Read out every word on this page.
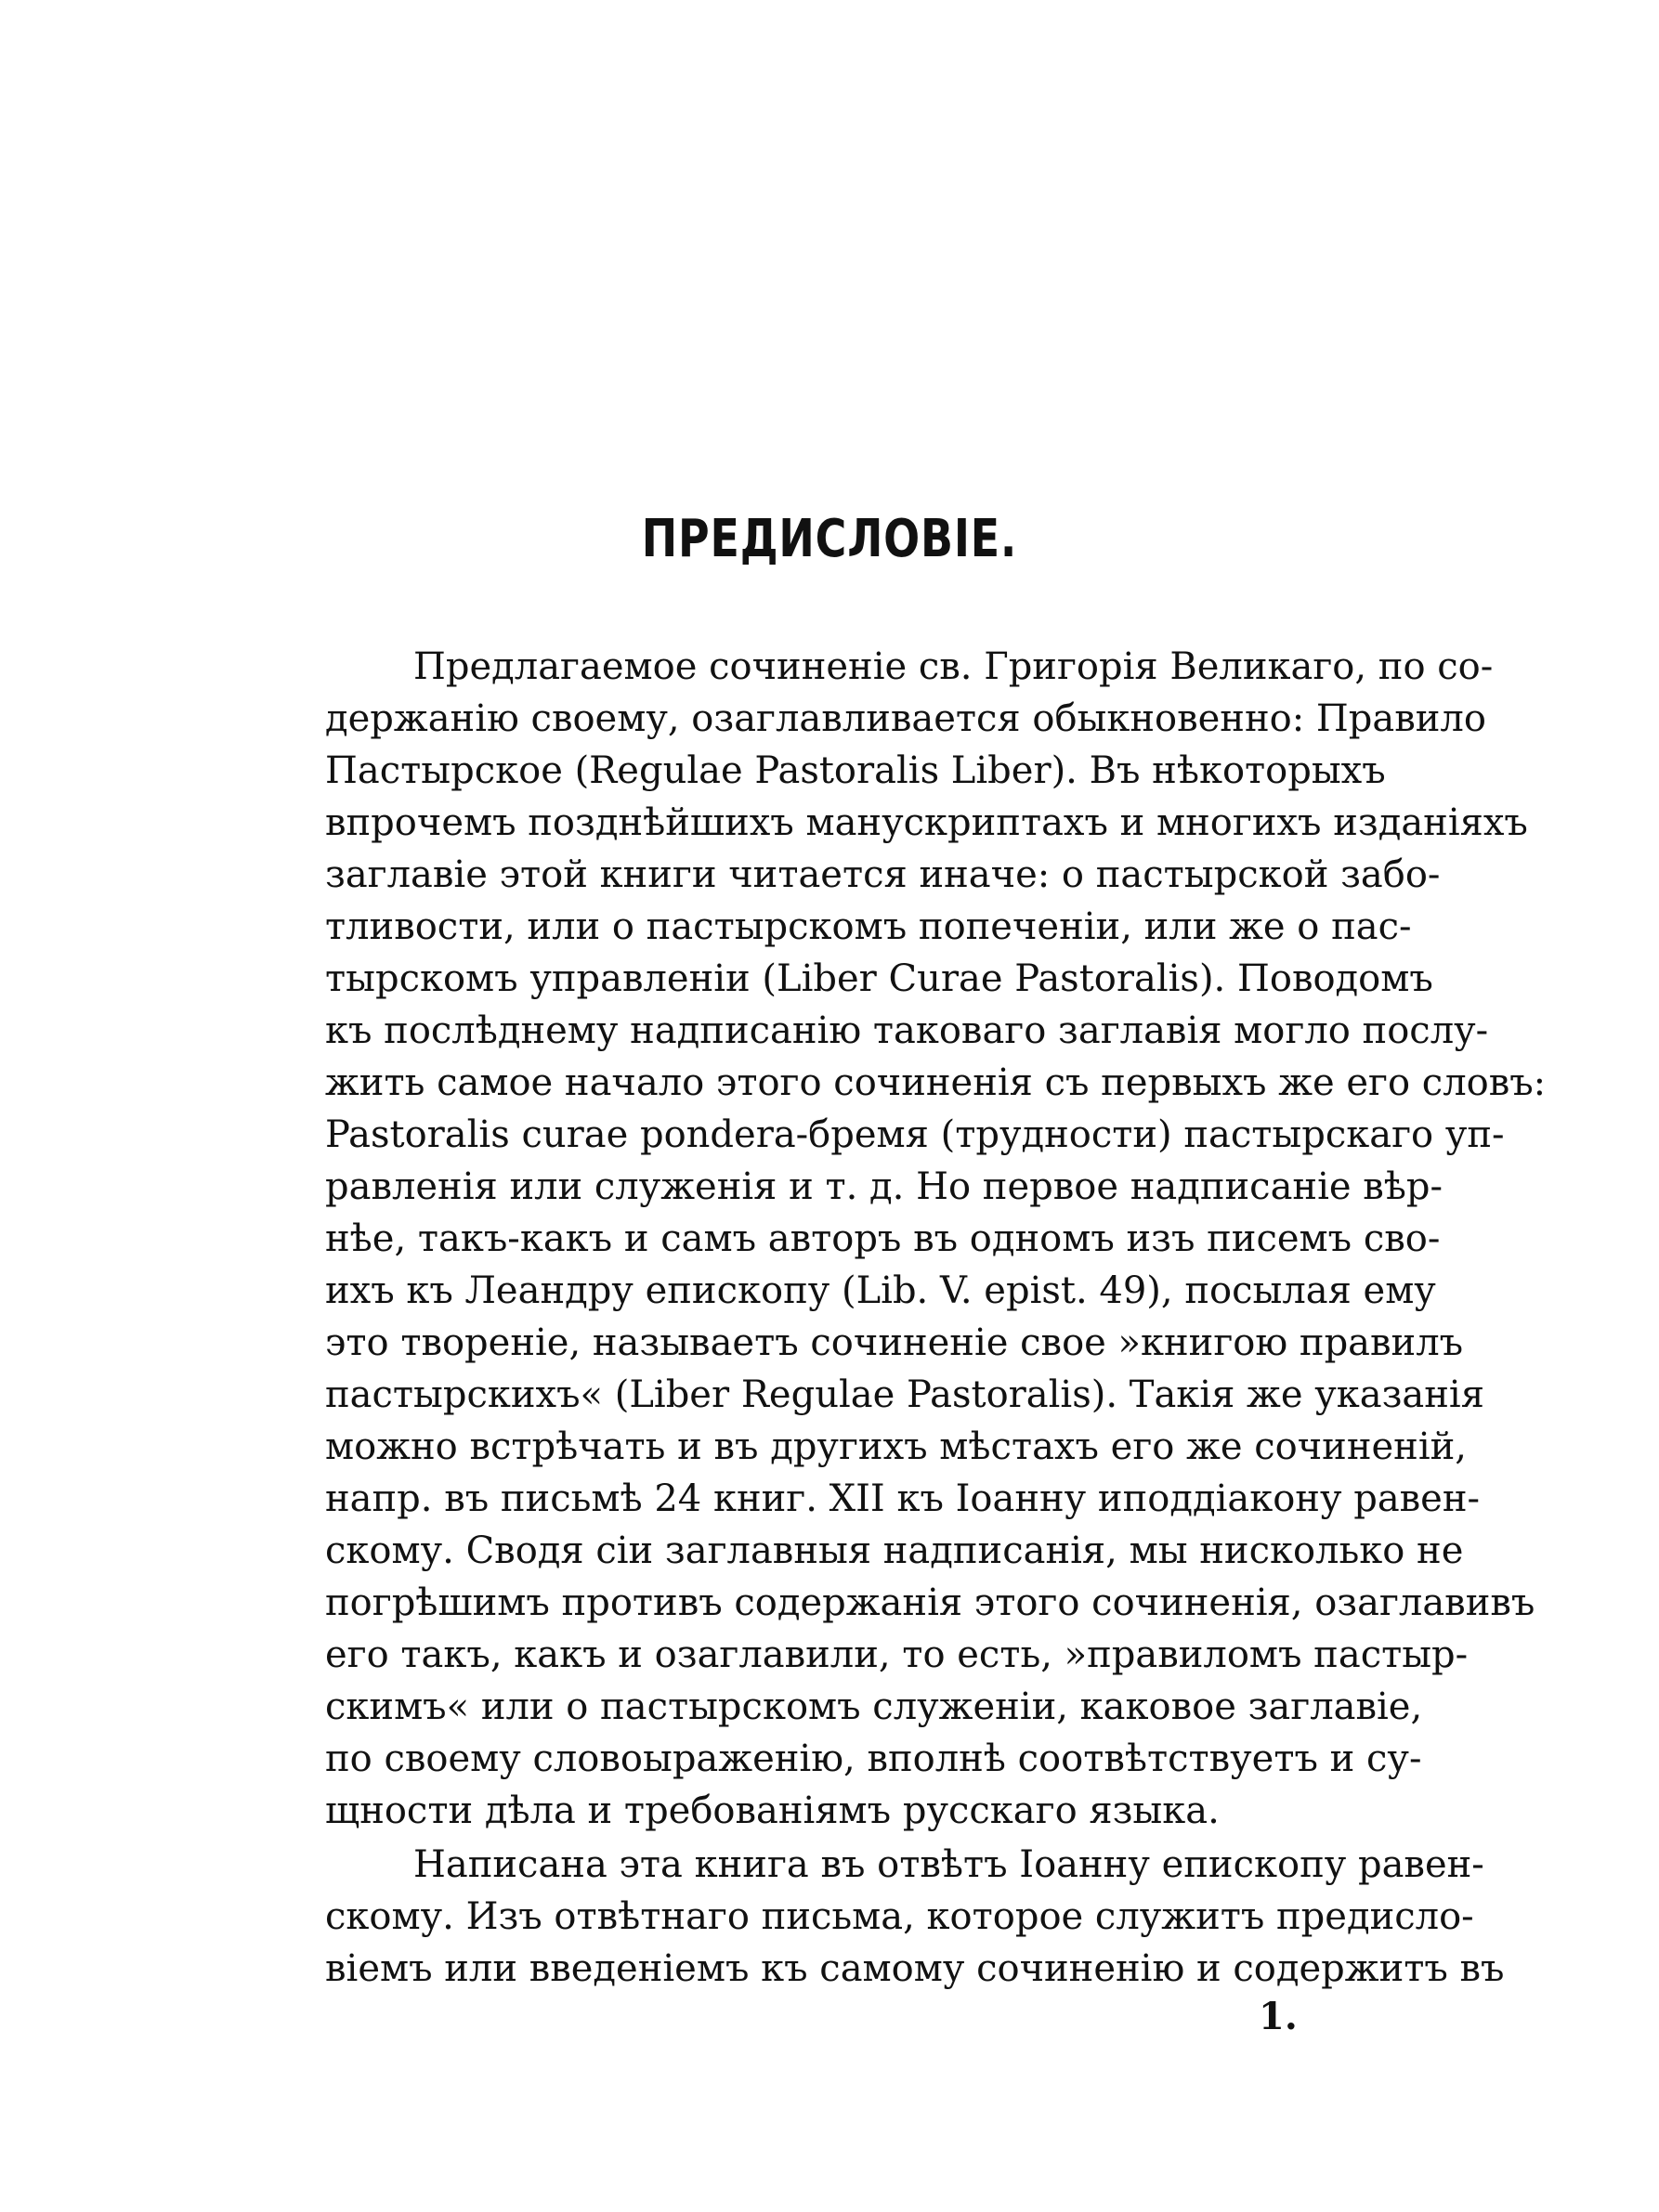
ПРЕДИСЛОВІЕ.
Предлагаемое сочиненіе св. Григорія Великаго, по со-
держанію своему, озаглавливается обыкновенно: Правило
Пастырское (Regulae Pastoralis Liber). Въ нѣкоторыхъ
впрочемъ позднѣйшихъ манускриптахъ и многихъ изданіяхъ
заглавіе этой книги читается иначе: о пастырской забо-
тливости, или о пастырскомъ попеченіи, или же о пас-
тырскомъ управленіи (Liber Curae Pastoralis). Поводомъ
къ послѣднему надписанію таковаго заглавія могло послу-
жить самое начало этого сочиненія съ первыхъ же его словъ:
Pastoralis curae pondera-бремя (трудности) пастырскаго уп-
равленія или служенія и т. д. Но первое надписаніе вѣр-
нѣе, такъ-какъ и самъ авторъ въ одномъ изъ писемъ сво-
ихъ къ Леандру епископу (Lib. V. epist. 49), посылая ему
это твореніе, называетъ сочиненіе свое »книгою правилъ
пастырскихъ« (Liber Regulae Pastoralis). Такія же указанія
можно встрѣчать и въ другихъ мѣстахъ его же сочиненій,
напр. въ письмѣ 24 книг. XII къ Іоанну иподдіакону равен-
скому. Сводя сіи заглавныя надписанія, мы нисколько не
погрѣшимъ противъ содержанія этого сочиненія, озаглавивъ
его такъ, какъ и озаглавили, то есть, »правиломъ пастыр-
скимъ« или о пастырскомъ служеніи, каковое заглавіе,
по своему словоыраженію, вполнѣ соотвѣтствуетъ и су-
щности дѣла и требованіямъ русскаго языка.
Написана эта книга въ отвѣтъ Іоанну епископу равен-
скому. Изъ отвѣтнаго письма, которое служитъ предисло-
віемъ или введеніемъ къ самому сочиненію и содержитъ въ
1.
